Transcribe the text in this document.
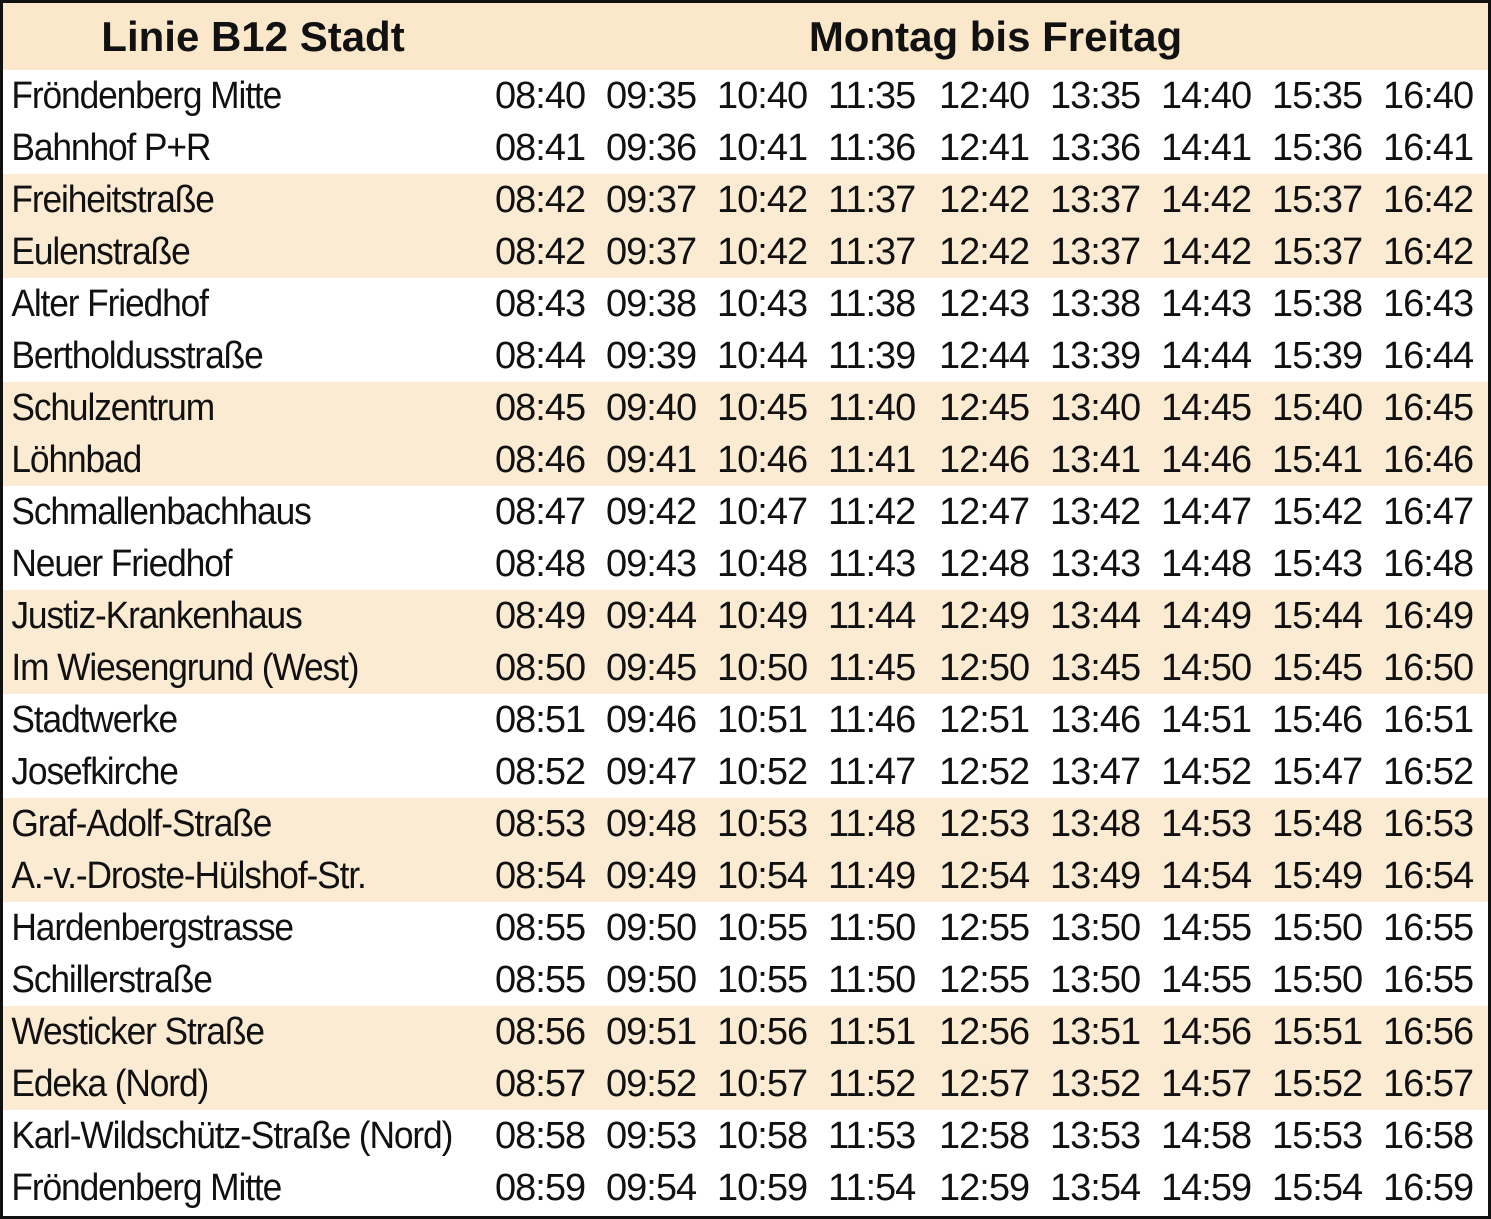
Linie B12 Stadt	Montag bis Freitag
Fröndenberg Mitte	08:40 09:35 10:40 11:35 12:40 13:35 14:40 15:35 16:40
Bahnhof P+R	08:41 09:36 10:41 11:36 12:41 13:36 14:41 15:36 16:41
Freiheitstraße	08:42 09:37 10:42 11:37 12:42 13:37 14:42 15:37 16:42
Eulenstraße	08:42 09:37 10:42 11:37 12:42 13:37 14:42 15:37 16:42
Alter Friedhof	08:43 09:38 10:43 11:38 12:43 13:38 14:43 15:38 16:43
Bertholdusstraße	08:44 09:39 10:44 11:39 12:44 13:39 14:44 15:39 16:44
Schulzentrum	08:45 09:40 10:45 11:40 12:45 13:40 14:45 15:40 16:45
Löhnbad	08:46 09:41 10:46 11:41 12:46 13:41 14:46 15:41 16:46
Schmallenbachhaus	08:47 09:42 10:47 11:42 12:47 13:42 14:47 15:42 16:47
Neuer Friedhof	08:48 09:43 10:48 11:43 12:48 13:43 14:48 15:43 16:48
Justiz-Krankenhaus	08:49 09:44 10:49 11:44 12:49 13:44 14:49 15:44 16:49
Im Wiesengrund (West)	08:50 09:45 10:50 11:45 12:50 13:45 14:50 15:45 16:50
Stadtwerke	08:51 09:46 10:51 11:46 12:51 13:46 14:51 15:46 16:51
Josefkirche	08:52 09:47 10:52 11:47 12:52 13:47 14:52 15:47 16:52
Graf-Adolf-Straße	08:53 09:48 10:53 11:48 12:53 13:48 14:53 15:48 16:53
A.-v.-Droste-Hülshof-Str.	08:54 09:49 10:54 11:49 12:54 13:49 14:54 15:49 16:54
Hardenbergstrasse	08:55 09:50 10:55 11:50 12:55 13:50 14:55 15:50 16:55
Schillerstraße	08:55 09:50 10:55 11:50 12:55 13:50 14:55 15:50 16:55
Westicker Straße	08:56 09:51 10:56 11:51 12:56 13:51 14:56 15:51 16:56
Edeka (Nord)	08:57 09:52 10:57 11:52 12:57 13:52 14:57 15:52 16:57
Karl-Wildschütz-Straße (Nord) 08:58 09:53 10:58 11:53 12:58 13:53 14:58 15:53 16:58
Fröndenberg Mitte	08:59 09:54 10:59 11:54 12:59 13:54 14:59 15:54 16:59
